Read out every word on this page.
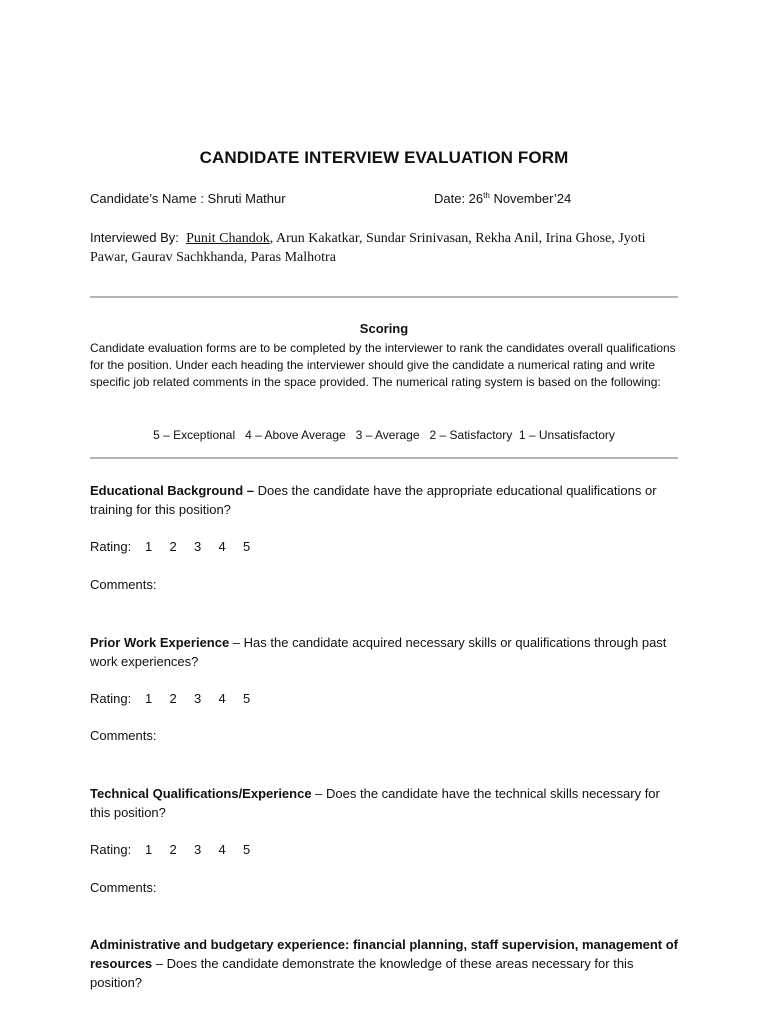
CANDIDATE INTERVIEW EVALUATION FORM
Candidate’s Name : Shruti Mathur	Date: 26th November’24
Interviewed By:  Punit Chandok, Arun Kakatkar, Sundar Srinivasan, Rekha Anil, Irina Ghose, Jyoti Pawar, Gaurav Sachkhanda, Paras Malhotra
Scoring
Candidate evaluation forms are to be completed by the interviewer to rank the candidates overall qualifications for the position. Under each heading the interviewer should give the candidate a numerical rating and write specific job related comments in the space provided. The numerical rating system is based on the following:
5 – Exceptional   4 – Above Average   3 – Average   2 – Satisfactory  1 – Unsatisfactory
Educational Background – Does the candidate have the appropriate educational qualifications or training for this position?
Rating: 1 2 3 4 5
Comments:
Prior Work Experience – Has the candidate acquired necessary skills or qualifications through past work experiences?
Rating: 1 2 3 4 5
Comments:
Technical Qualifications/Experience – Does the candidate have the technical skills necessary for this position?
Rating: 1 2 3 4 5
Comments:
Administrative and budgetary experience: financial planning, staff supervision, management of resources – Does the candidate demonstrate the knowledge of these areas necessary for this position?
